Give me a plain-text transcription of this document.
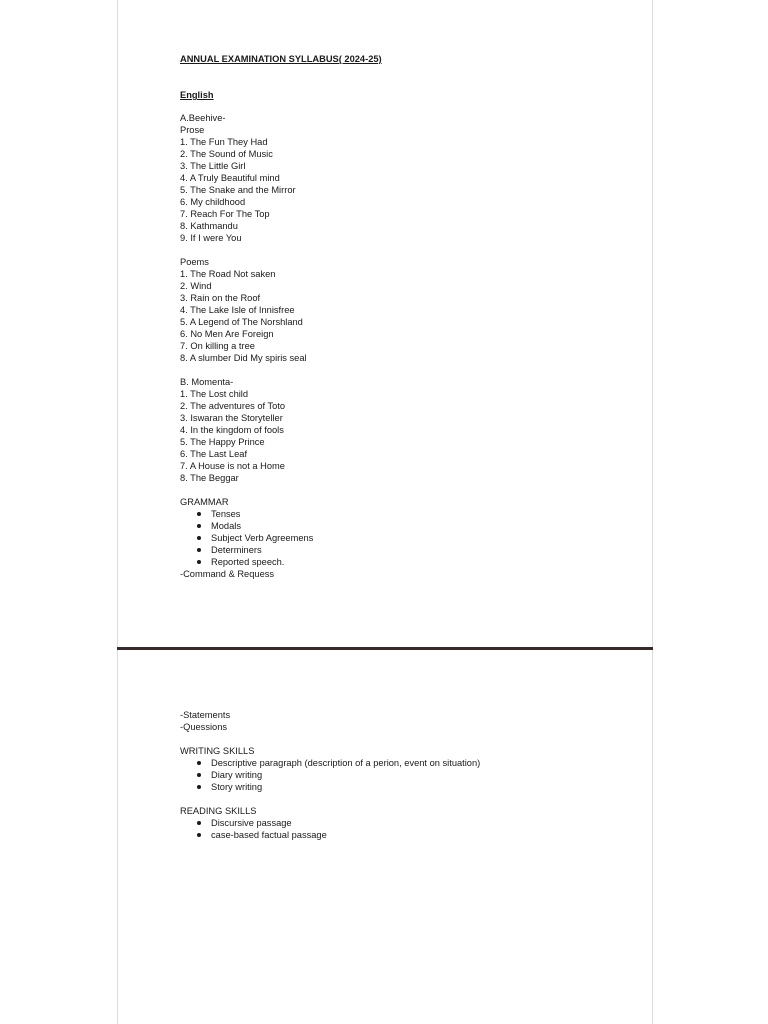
ANNUAL EXAMINATION SYLLABUS( 2024-25)
English
A.Beehive-
Prose
1. The Fun They Had
2. The Sound of Music
3. The Little Girl
4. A Truly Beautiful mind
5. The Snake and the Mirror
6. My childhood
7. Reach For The Top
8. Kathmandu
9. If I were You
Poems
1. The Road Not saken
2. Wind
3. Rain on the Roof
4. The Lake Isle of Innisfree
5. A Legend of The Norshland
6. No Men Are Foreign
7. On killing a tree
8. A slumber Did My spiris seal
B. Momenta-
1. The Lost child
2. The adventures of Toto
3. Iswaran the Storyteller
4. In the kingdom of fools
5. The Happy Prince
6. The Last Leaf
7. A House is not a Home
8. The Beggar
GRAMMAR
Tenses
Modals
Subject Verb Agreemens
Determiners
Reported speech.
-Command & Requess
-Statements
-Quessions
WRITING SKILLS
Descriptive paragraph (description of a perion, event on situation)
Diary writing
Story writing
READING SKILLS
Discursive passage
case-based factual passage
